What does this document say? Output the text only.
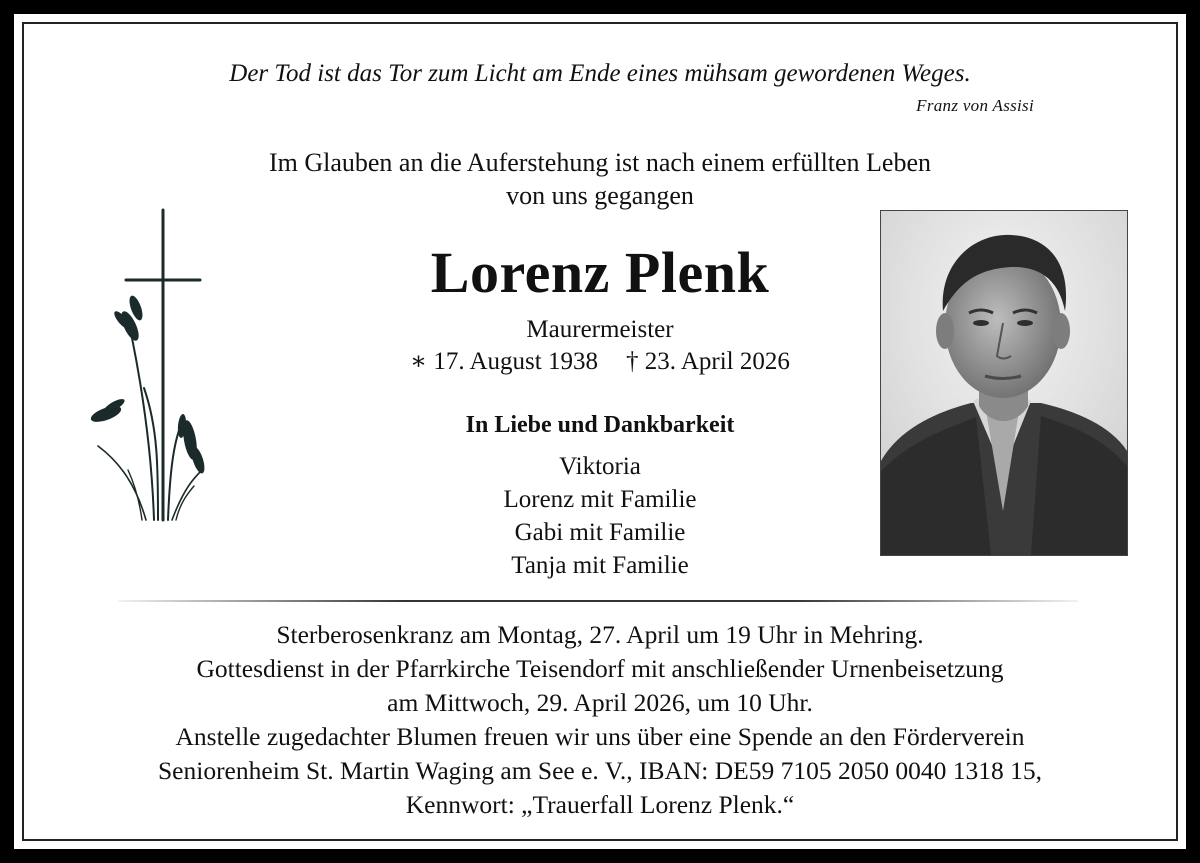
Der Tod ist das Tor zum Licht am Ende eines mühsam gewordenen Weges.
Franz von Assisi
Im Glauben an die Auferstehung ist nach einem erfüllten Leben
von uns gegangen
Lorenz Plenk
Maurermeister
∗ 17. August 1938 † 23. April 2026
In Liebe und Dankbarkeit
Viktoria
Lorenz mit Familie
Gabi mit Familie
Tanja mit Familie
Sterberosenkranz am Montag, 27. April um 19 Uhr in Mehring.
Gottesdienst in der Pfarrkirche Teisendorf mit anschließender Urnenbeisetzung
am Mittwoch, 29. April 2026, um 10 Uhr.
Anstelle zugedachter Blumen freuen wir uns über eine Spende an den Förderverein
Seniorenheim St. Martin Waging am See e. V., IBAN: DE59 7105 2050 0040 1318 15,
Kennwort: „Trauerfall Lorenz Plenk.“
